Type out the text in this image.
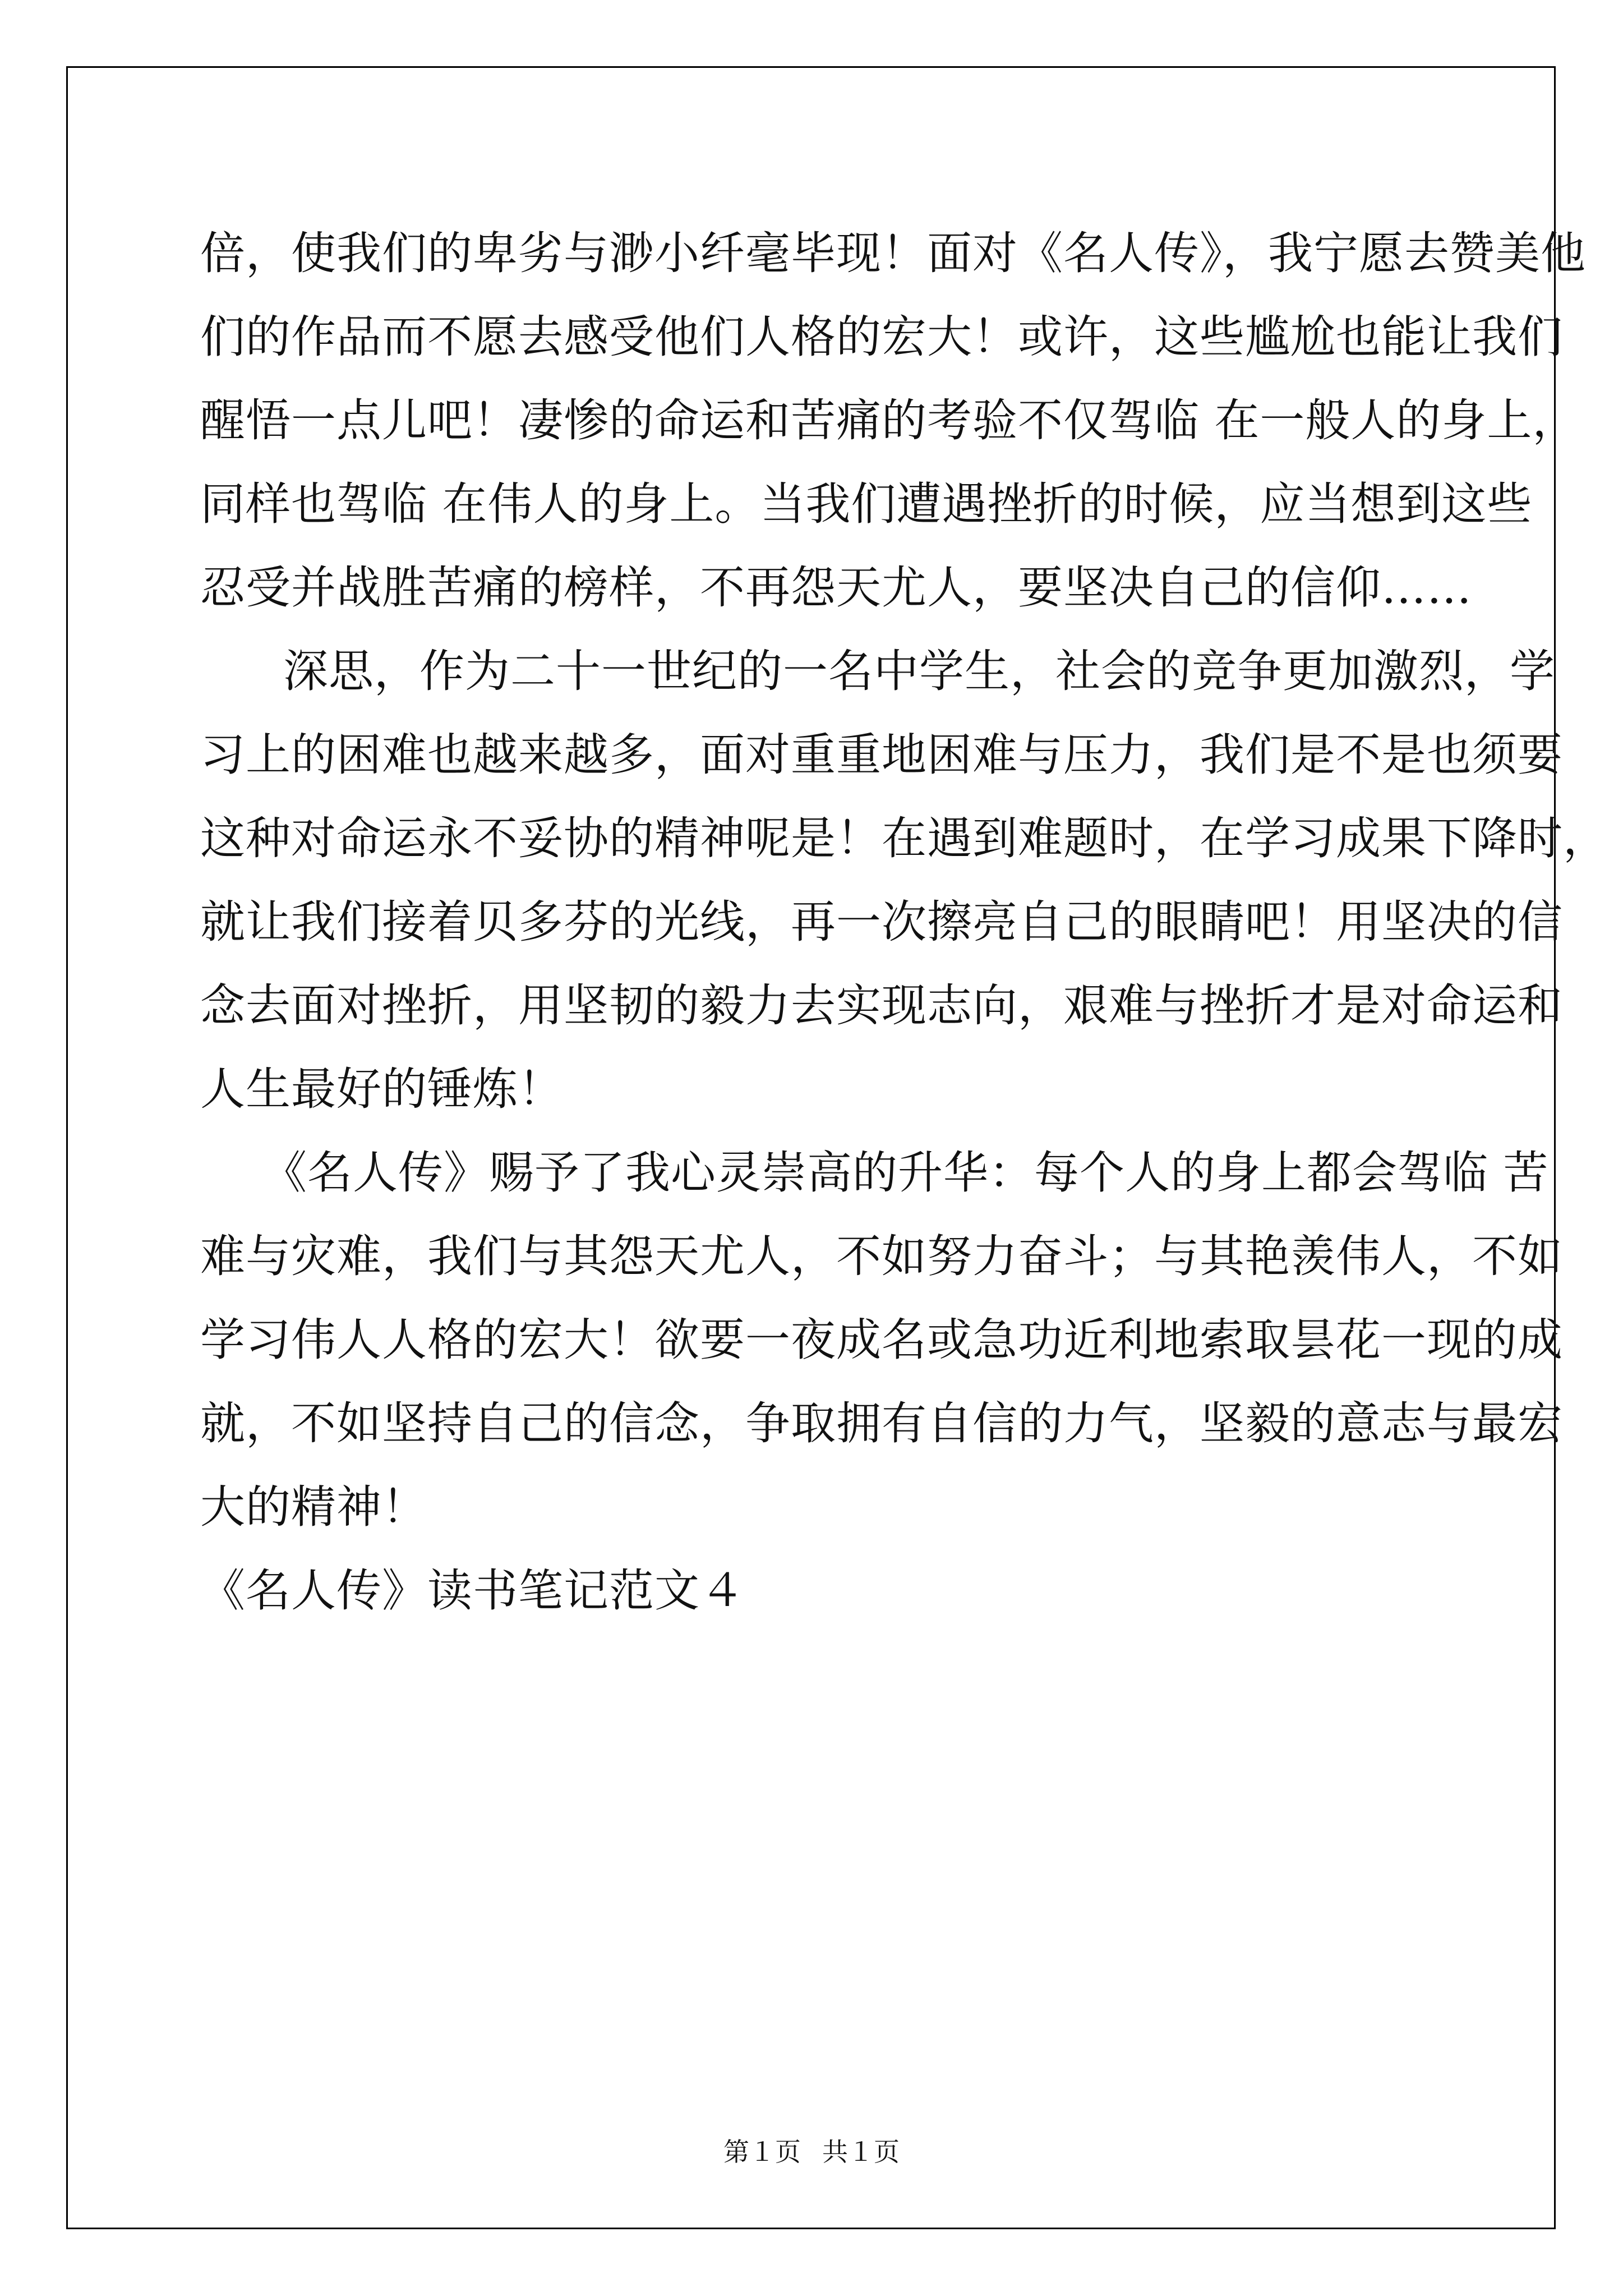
倍，使我们的卑劣与渺小纤毫毕现！面对《名人传》，我宁愿去赞美他
们的作品而不愿去感受他们人格的宏大！或许，这些尴尬也能让我们
醒悟一点儿吧！凄惨的命运和苦痛的考验不仅驾临 在一般人的身上，
同样也驾临 在伟人的身上。当我们遭遇挫折的时候，应当想到这些
忍受并战胜苦痛的榜样，不再怨天尤人，要坚决自己的信仰……

深思，作为二十一世纪的一名中学生，社会的竞争更加激烈，学
习上的困难也越来越多，面对重重地困难与压力，我们是不是也须要
这种对命运永不妥协的精神呢是！在遇到难题时，在学习成果下降时，
就让我们接着贝多芬的光线，再一次擦亮自己的眼睛吧！用坚决的信
念去面对挫折，用坚韧的毅力去实现志向，艰难与挫折才是对命运和
人生最好的锤炼！

《名人传》赐予了我心灵崇高的升华：每个人的身上都会驾临 苦
难与灾难，我们与其怨天尤人，不如努力奋斗；与其艳羡伟人，不如
学习伟人人格的宏大！欲要一夜成名或急功近利地索取昙花一现的成
就，不如坚持自己的信念，争取拥有自信的力气，坚毅的意志与最宏
大的精神！

《名人传》读书笔记范文４

第１页 共１页
